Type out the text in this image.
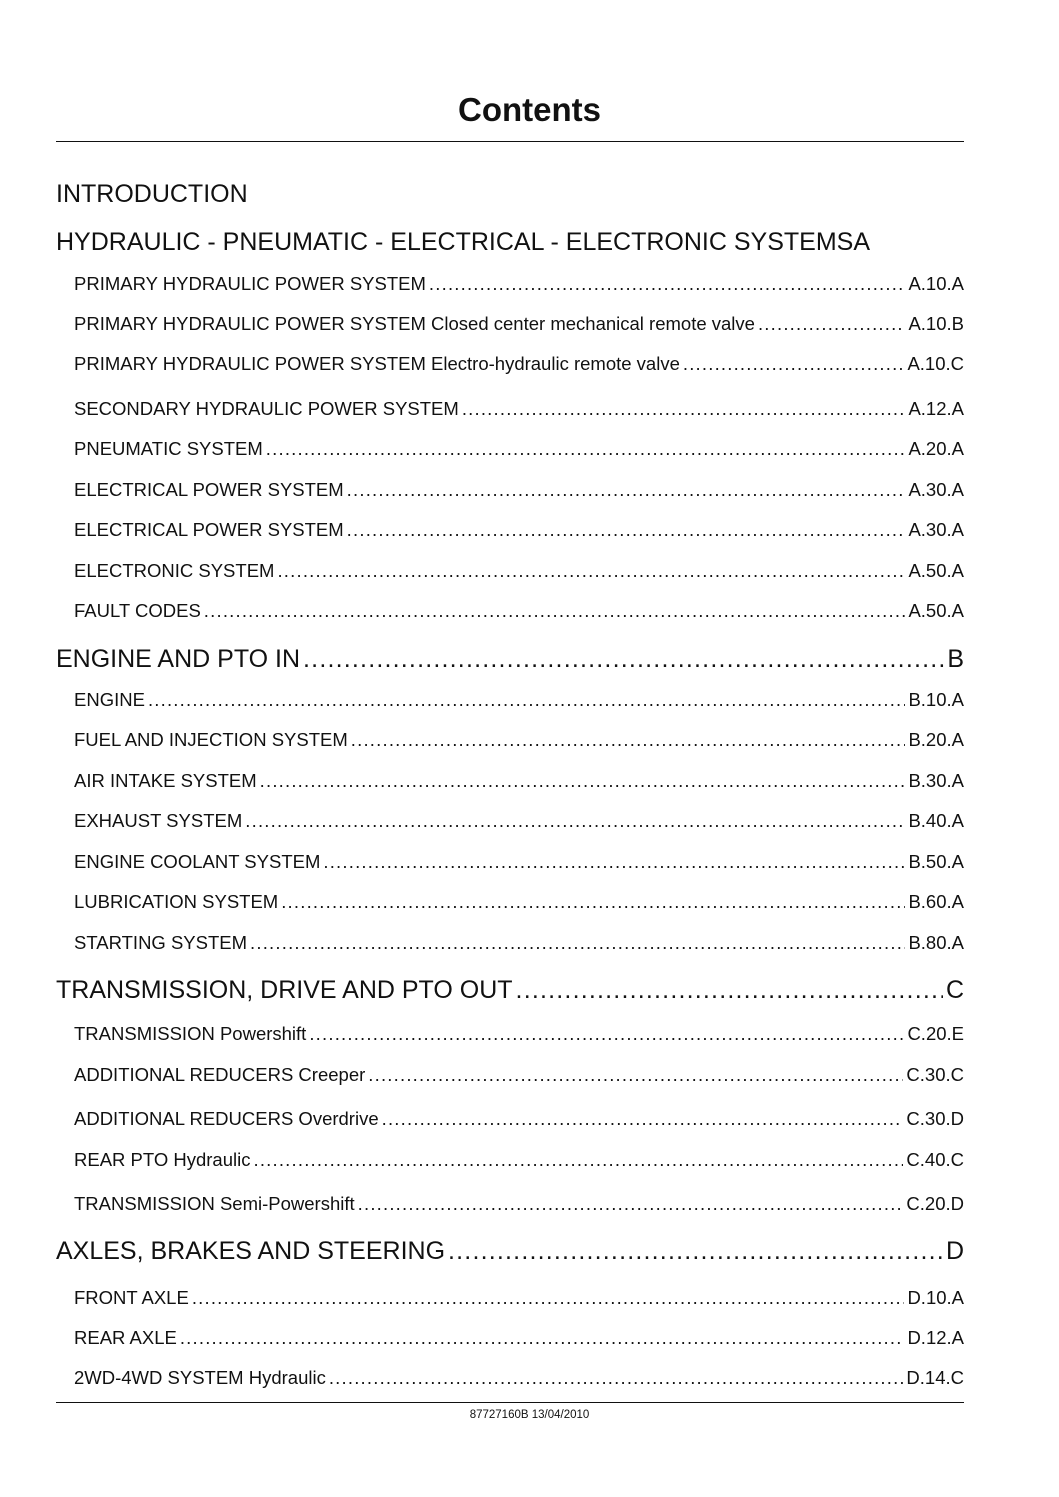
Contents
INTRODUCTION
HYDRAULIC - PNEUMATIC - ELECTRICAL - ELECTRONIC SYSTEMS A
PRIMARY HYDRAULIC POWER SYSTEM .....	A.10.A
PRIMARY HYDRAULIC POWER SYSTEM Closed center mechanical remote valve .....	A.10.B
PRIMARY HYDRAULIC POWER SYSTEM Electro-hydraulic remote valve .....	A.10.C
SECONDARY HYDRAULIC POWER SYSTEM .....	A.12.A
PNEUMATIC SYSTEM .....	A.20.A
ELECTRICAL POWER SYSTEM .....	A.30.A
ELECTRICAL POWER SYSTEM .....	A.30.A
ELECTRONIC SYSTEM .....	A.50.A
FAULT CODES .....	A.50.A
ENGINE AND PTO IN .....	B
ENGINE .....	B.10.A
FUEL AND INJECTION SYSTEM .....	B.20.A
AIR INTAKE SYSTEM .....	B.30.A
EXHAUST SYSTEM .....	B.40.A
ENGINE COOLANT SYSTEM .....	B.50.A
LUBRICATION SYSTEM .....	B.60.A
STARTING SYSTEM .....	B.80.A
TRANSMISSION, DRIVE AND PTO OUT .....	C
TRANSMISSION Powershift .....	C.20.E
ADDITIONAL REDUCERS Creeper .....	C.30.C
ADDITIONAL REDUCERS Overdrive .....	C.30.D
REAR PTO Hydraulic .....	C.40.C
TRANSMISSION Semi-Powershift .....	C.20.D
AXLES, BRAKES AND STEERING .....	D
FRONT AXLE .....	D.10.A
REAR AXLE .....	D.12.A
2WD-4WD SYSTEM Hydraulic .....	D.14.C
87727160B 13/04/2010
